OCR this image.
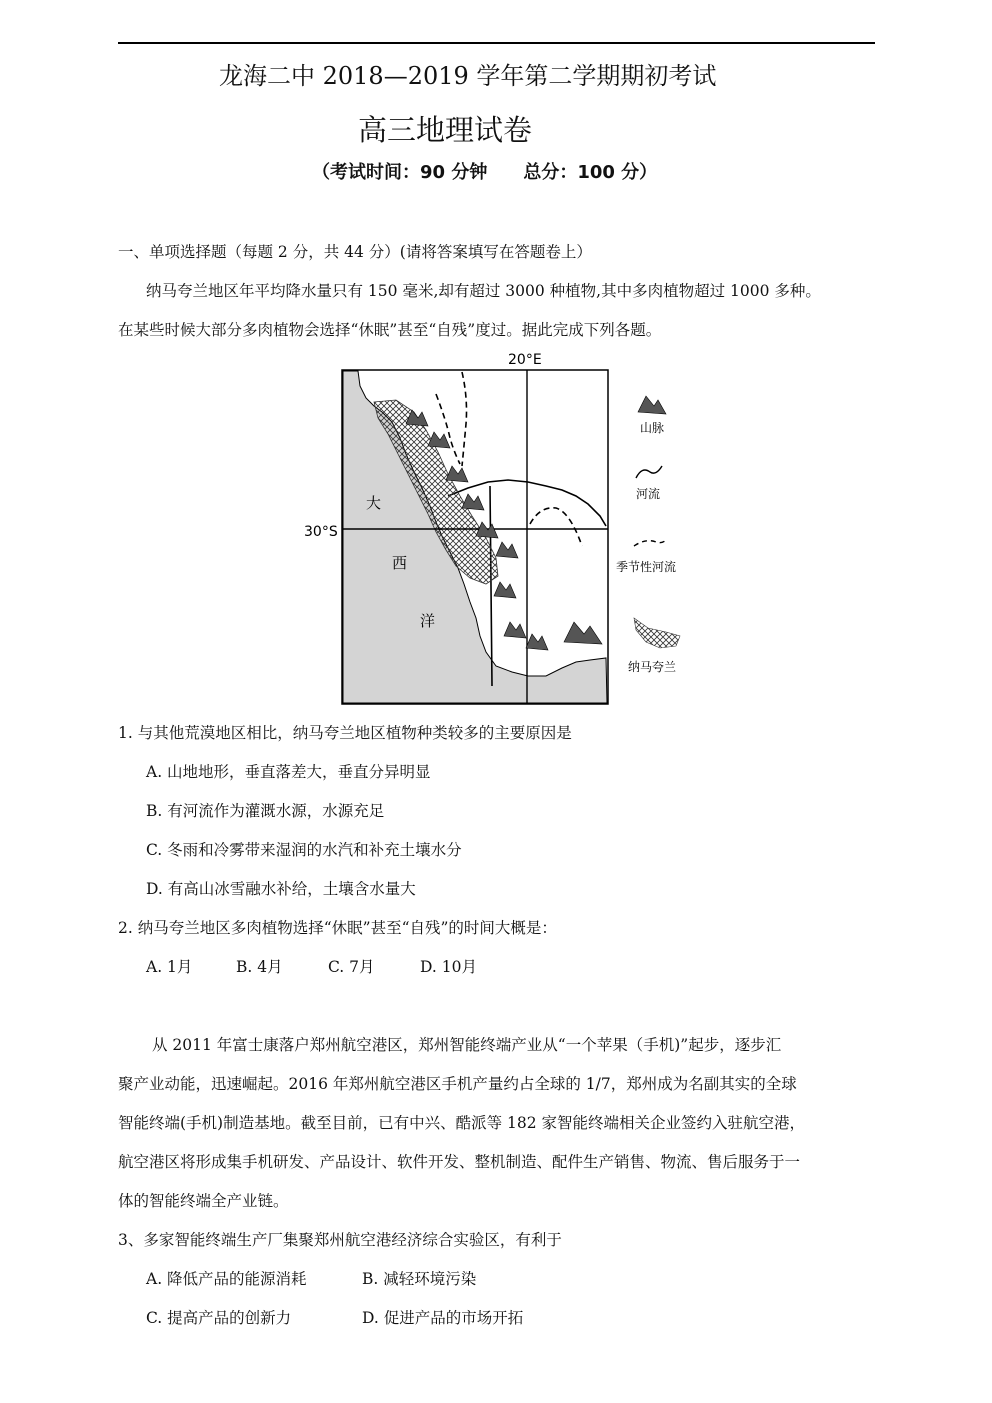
龙海二中 2018—2019 学年第二学期期初考试
高三地理试卷
（考试时间：90 分钟　　总分：100 分）
一、单项选择题（每题 2 分，共 44 分）(请将答案填写在答题卷上）
纳马夸兰地区年平均降水量只有 150 毫米,却有超过 3000 种植物,其中多肉植物超过 1000 多种。
在某些时候大部分多肉植物会选择“休眠”甚至“自残”度过。据此完成下列各题。
20°E
30°S
大
西
洋
山脉
河流
季节性河流
纳马夸兰
1. 与其他荒漠地区相比，纳马夸兰地区植物种类较多的主要原因是
A. 山地地形，垂直落差大，垂直分异明显
B. 有河流作为灌溉水源，水源充足
C. 冬雨和冷雾带来湿润的水汽和补充土壤水分
D. 有高山冰雪融水补给，土壤含水量大
2. 纳马夸兰地区多肉植物选择“休眠”甚至“自残”的时间大概是：
A. 1月	B. 4月	C. 7月	D. 10月
从 2011 年富士康落户郑州航空港区，郑州智能终端产业从“一个苹果（手机)”起步，逐步汇
聚产业动能，迅速崛起。2016 年郑州航空港区手机产量约占全球的 1/7，郑州成为名副其实的全球
智能终端(手机)制造基地。截至目前，已有中兴、酷派等 182 家智能终端相关企业签约入驻航空港，
航空港区将形成集手机研发、产品设计、软件开发、整机制造、配件生产销售、物流、售后服务于一
体的智能终端全产业链。
3、多家智能终端生产厂集聚郑州航空港经济综合实验区，有利于
A. 降低产品的能源消耗	B. 减轻环境污染
C. 提高产品的创新力	D. 促进产品的市场开拓
